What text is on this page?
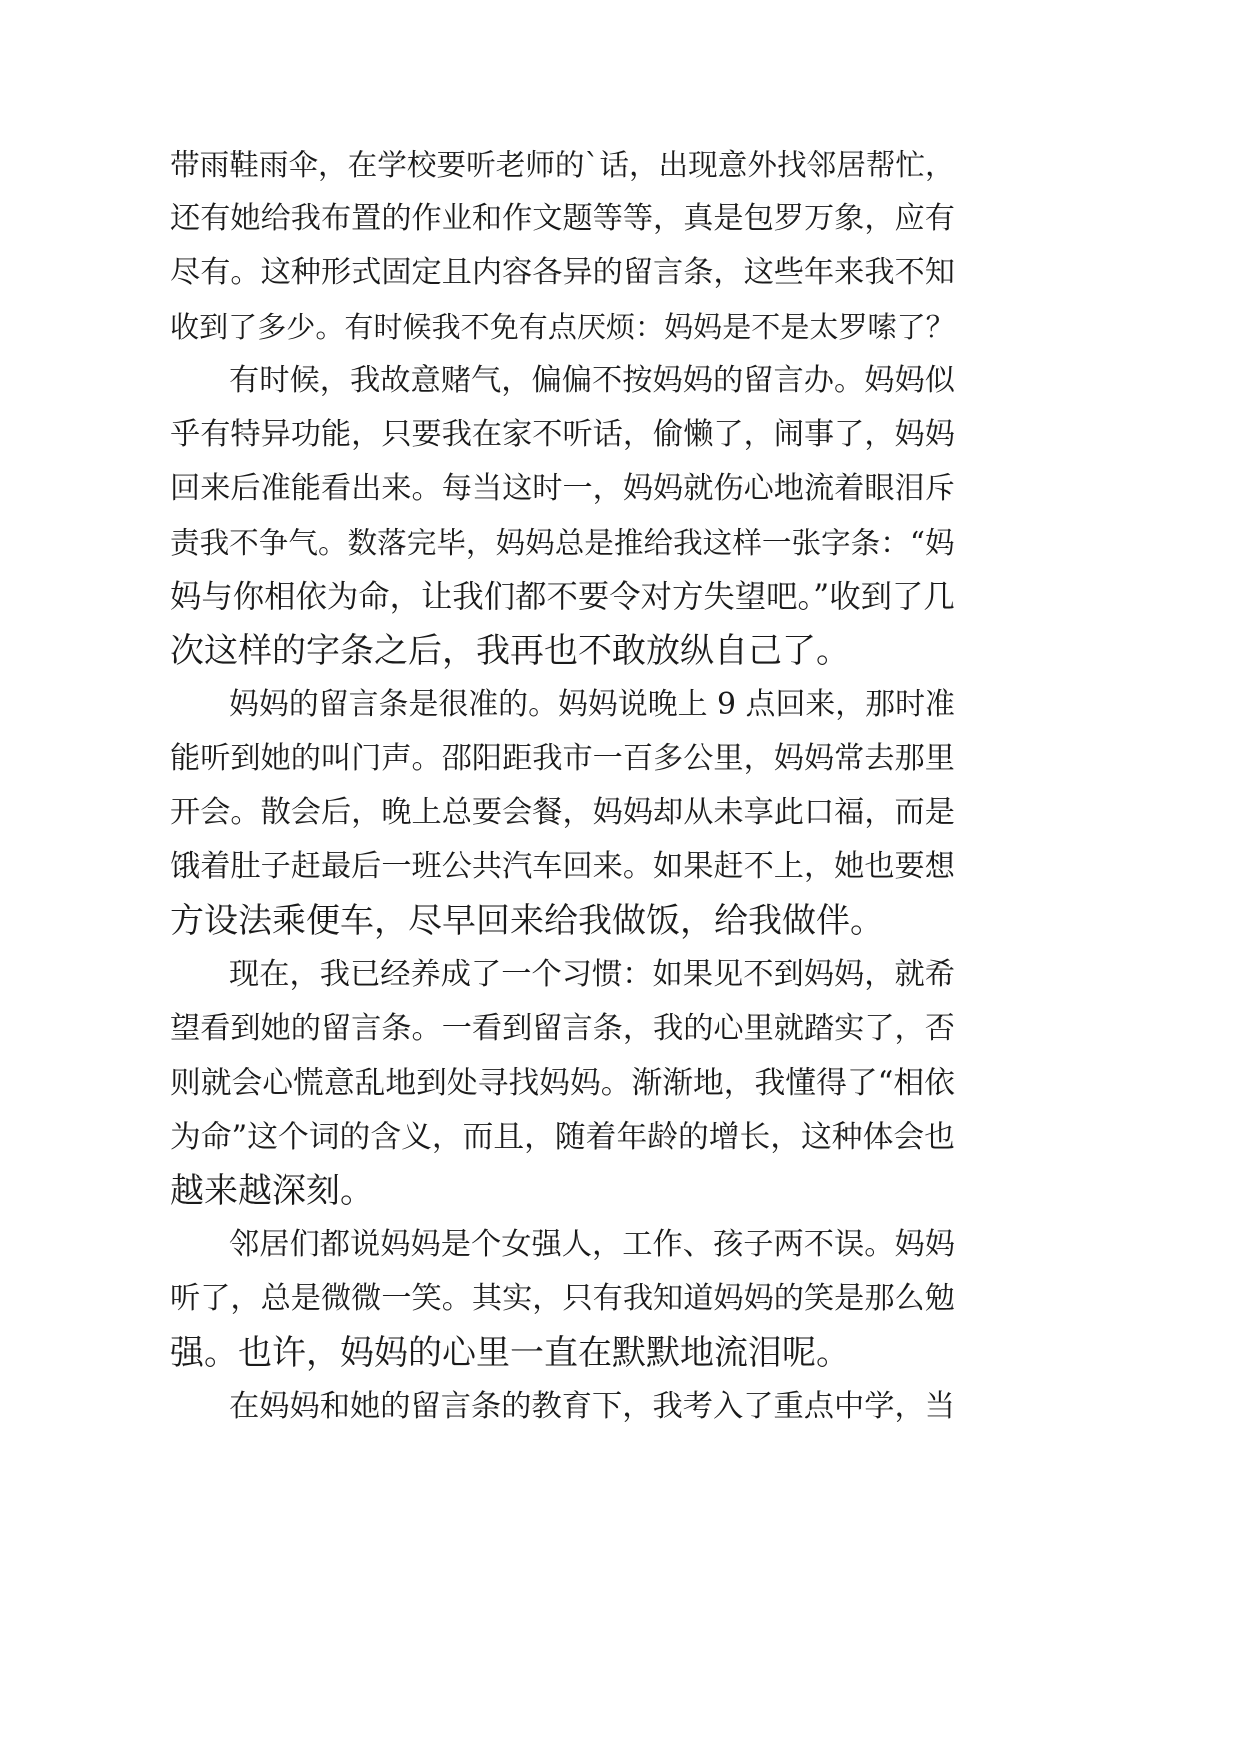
带雨鞋雨伞，在学校要听老师的`话，出现意外找邻居帮忙，
还有她给我布置的作业和作文题等等，真是包罗万象，应有
尽有。这种形式固定且内容各异的留言条，这些年来我不知
收到了多少。有时候我不免有点厌烦：妈妈是不是太罗嗦了？
有时候，我故意赌气，偏偏不按妈妈的留言办。妈妈似
乎有特异功能，只要我在家不听话，偷懒了，闹事了，妈妈
回来后准能看出来。每当这时一，妈妈就伤心地流着眼泪斥
责我不争气。数落完毕，妈妈总是推给我这样一张字条：“妈
妈与你相依为命，让我们都不要令对方失望吧。”收到了几
次这样的字条之后，我再也不敢放纵自己了。
妈妈的留言条是很准的。妈妈说晚上 9 点回来，那时准
能听到她的叫门声。邵阳距我市一百多公里，妈妈常去那里
开会。散会后，晚上总要会餐，妈妈却从未享此口福，而是
饿着肚子赶最后一班公共汽车回来。如果赶不上，她也要想
方设法乘便车，尽早回来给我做饭，给我做伴。
现在，我已经养成了一个习惯：如果见不到妈妈，就希
望看到她的留言条。一看到留言条，我的心里就踏实了，否
则就会心慌意乱地到处寻找妈妈。渐渐地，我懂得了“相依
为命”这个词的含义，而且，随着年龄的增长，这种体会也
越来越深刻。
邻居们都说妈妈是个女强人，工作、孩子两不误。妈妈
听了，总是微微一笑。其实，只有我知道妈妈的笑是那么勉
强。也许，妈妈的心里一直在默默地流泪呢。
在妈妈和她的留言条的教育下，我考入了重点中学，当
